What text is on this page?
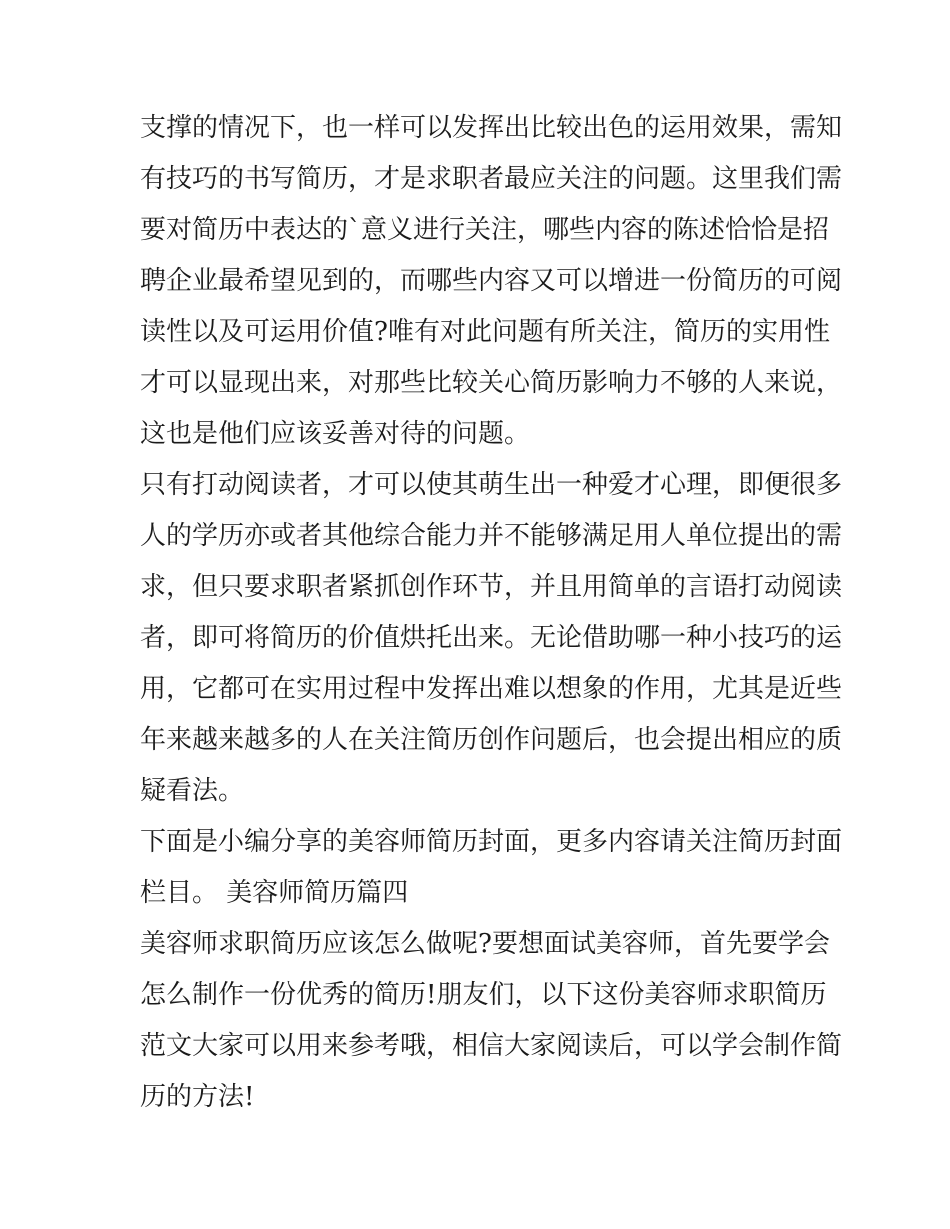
支撑的情况下，也一样可以发挥出比较出色的运用效果，需知
有技巧的书写简历，才是求职者最应关注的问题。这里我们需
要对简历中表达的`意义进行关注，哪些内容的陈述恰恰是招
聘企业最希望见到的，而哪些内容又可以增进一份简历的可阅
读性以及可运用价值?唯有对此问题有所关注，简历的实用性
才可以显现出来，对那些比较关心简历影响力不够的人来说，
这也是他们应该妥善对待的问题。
只有打动阅读者，才可以使其萌生出一种爱才心理，即便很多
人的学历亦或者其他综合能力并不能够满足用人单位提出的需
求，但只要求职者紧抓创作环节，并且用简单的言语打动阅读
者，即可将简历的价值烘托出来。无论借助哪一种小技巧的运
用，它都可在实用过程中发挥出难以想象的作用，尤其是近些
年来越来越多的人在关注简历创作问题后，也会提出相应的质
疑看法。
下面是小编分享的美容师简历封面，更多内容请关注简历封面
栏目。 美容师简历篇四
美容师求职简历应该怎么做呢?要想面试美容师，首先要学会
怎么制作一份优秀的简历!朋友们，以下这份美容师求职简历
范文大家可以用来参考哦，相信大家阅读后，可以学会制作简
历的方法!
